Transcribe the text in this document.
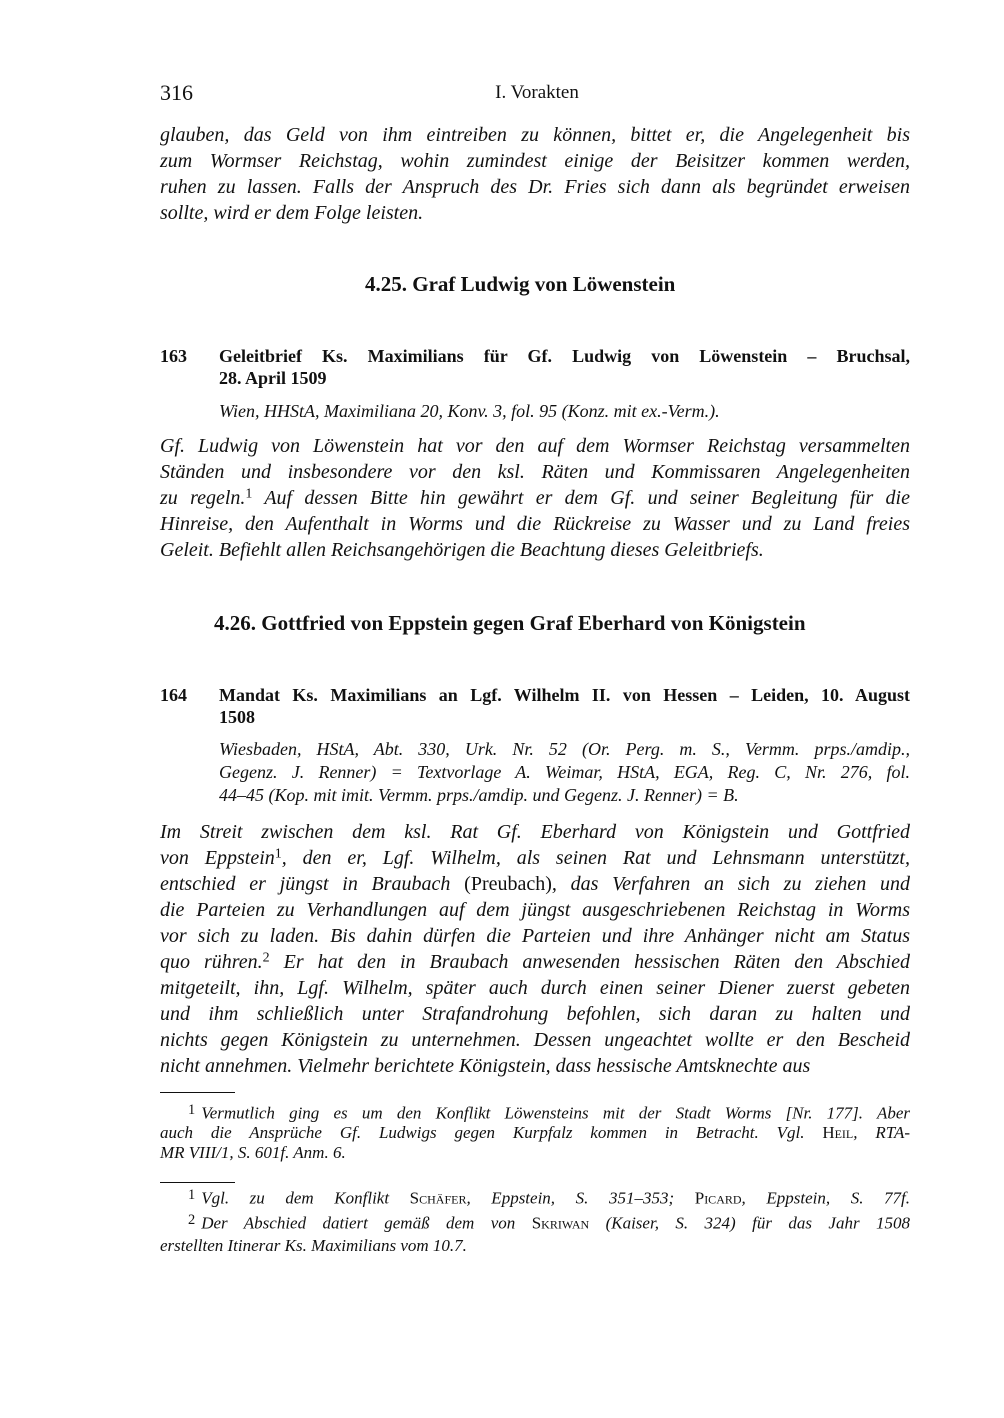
316	I. Vorakten
glauben, das Geld von ihm eintreiben zu können, bittet er, die Angelegenheit bis
zum Wormser Reichstag, wohin zumindest einige der Beisitzer kommen werden,
ruhen zu lassen. Falls der Anspruch des Dr. Fries sich dann als begründet erweisen
sollte, wird er dem Folge leisten.
4.25. Graf Ludwig von Löwenstein
163 Geleitbrief Ks. Maximilians für Gf. Ludwig von Löwenstein – Bruchsal,
28. April 1509
Wien, HHStA, Maximiliana 20, Konv. 3, fol. 95 (Konz. mit ex.-Verm.).
Gf. Ludwig von Löwenstein hat vor den auf dem Wormser Reichstag versammelten
Ständen und insbesondere vor den ksl. Räten und Kommissaren Angelegenheiten
zu regeln.$^1$ Auf dessen Bitte hin gewährt er dem Gf. und seiner Begleitung für die
Hinreise, den Aufenthalt in Worms und die Rückreise zu Wasser und zu Land freies
Geleit. Befiehlt allen Reichsangehörigen die Beachtung dieses Geleitbriefs.
4.26. Gottfried von Eppstein gegen Graf Eberhard von Königstein
164 Mandat Ks. Maximilians an Lgf. Wilhelm II. von Hessen – Leiden, 10. August
1508
Wiesbaden, HStA, Abt. 330, Urk. Nr. 52 (Or. Perg. m. S., Vermm. prps./amdip.,
Gegenz. J. Renner) = Textvorlage A. Weimar, HStA, EGA, Reg. C, Nr. 276, fol.
44–45 (Kop. mit imit. Vermm. prps./amdip. und Gegenz. J. Renner) = B.
Im Streit zwischen dem ksl. Rat Gf. Eberhard von Königstein und Gottfried
von Eppstein$^1$, den er, Lgf. Wilhelm, als seinen Rat und Lehnsmann unterstützt,
entschied er jüngst in Braubach (Preubach), das Verfahren an sich zu ziehen und
die Parteien zu Verhandlungen auf dem jüngst ausgeschriebenen Reichstag in Worms
vor sich zu laden. Bis dahin dürfen die Parteien und ihre Anhänger nicht am Status
quo rühren.$^2$ Er hat den in Braubach anwesenden hessischen Räten den Abschied
mitgeteilt, ihn, Lgf. Wilhelm, später auch durch einen seiner Diener zuerst gebeten
und ihm schließlich unter Strafandrohung befohlen, sich daran zu halten und
nichts gegen Königstein zu unternehmen. Dessen ungeachtet wollte er den Bescheid
nicht annehmen. Vielmehr berichtete Königstein, dass hessische Amtsknechte aus
$^1$ Vermutlich ging es um den Konflikt Löwensteins mit der Stadt Worms [Nr. 177]. Aber
auch die Ansprüche Gf. Ludwigs gegen Kurpfalz kommen in Betracht. Vgl. Heil, RTA-
MR VIII/1, S. 601f. Anm. 6.
$^1$ Vgl. zu dem Konflikt Schäfer, Eppstein, S. 351–353; Picard, Eppstein, S. 77f.
$^2$ Der Abschied datiert gemäß dem von Skriwan (Kaiser, S. 324) für das Jahr 1508
erstellten Itinerar Ks. Maximilians vom 10.7.
